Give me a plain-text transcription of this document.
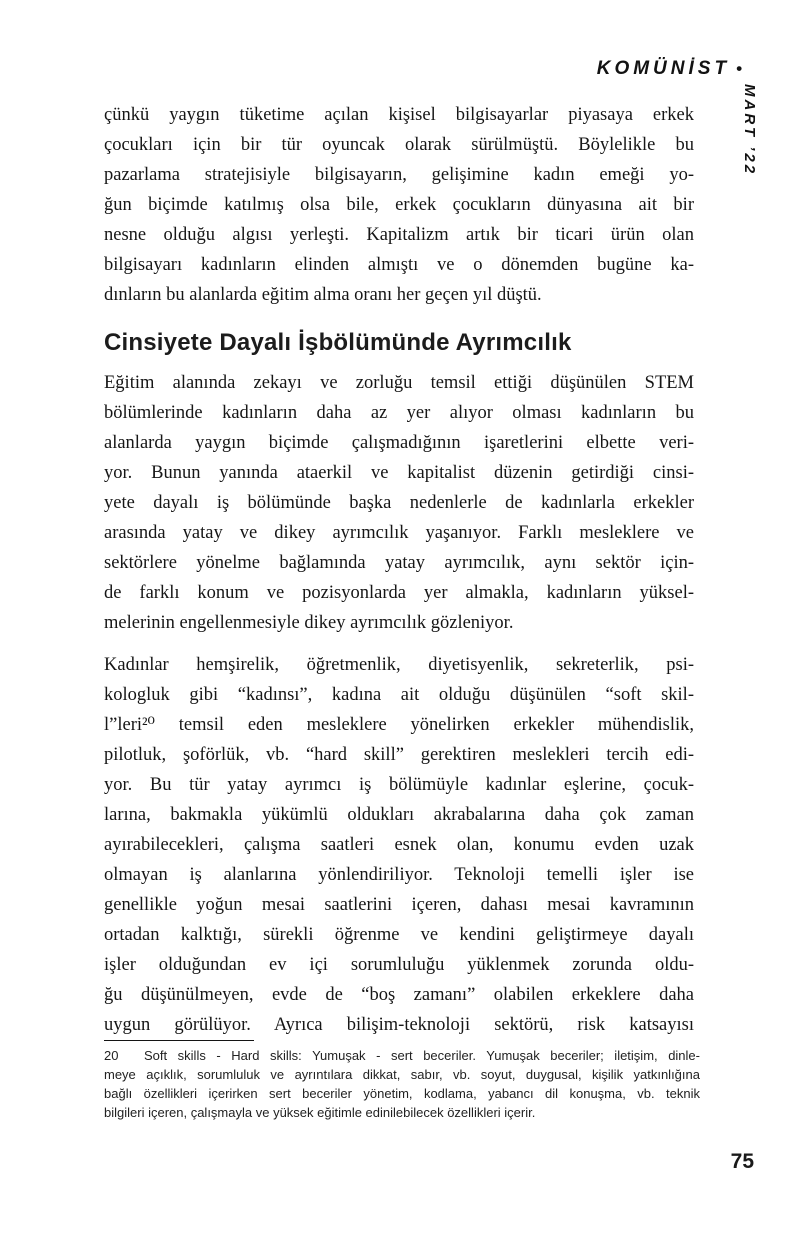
KOMÜNİST •
MART ’22
çünkü yaygın tüketime açılan kişisel bilgisayarlar piyasaya erkek
çocukları için bir tür oyuncak olarak sürülmüştü. Böylelikle bu
pazarlama stratejisiyle bilgisayarın, gelişimine kadın emeği yo-
ğun biçimde katılmış olsa bile, erkek çocukların dünyasına ait bir
nesne olduğu algısı yerleşti. Kapitalizm artık bir ticari ürün olan
bilgisayarı kadınların elinden almıştı ve o dönemden bugüne ka-
dınların bu alanlarda eğitim alma oranı her geçen yıl düştü.
Cinsiyete Dayalı İşbölümünde Ayrımcılık
Eğitim alanında zekayı ve zorluğu temsil ettiği düşünülen STEM
bölümlerinde kadınların daha az yer alıyor olması kadınların bu
alanlarda yaygın biçimde çalışmadığının işaretlerini elbette veri-
yor. Bunun yanında ataerkil ve kapitalist düzenin getirdiği cinsi-
yete dayalı iş bölümünde başka nedenlerle de kadınlarla erkekler
arasında yatay ve dikey ayrımcılık yaşanıyor. Farklı mesleklere ve
sektörlere yönelme bağlamında yatay ayrımcılık, aynı sektör için-
de farklı konum ve pozisyonlarda yer almakla, kadınların yüksel-
melerinin engellenmesiyle dikey ayrımcılık gözleniyor.
Kadınlar hemşirelik, öğretmenlik, diyetisyenlik, sekreterlik, psi-
kologluk gibi “kadınsı”, kadına ait olduğu düşünülen “soft skil-
l”leri²⁰ temsil eden mesleklere yönelirken erkekler mühendislik,
pilotluk, şoförlük, vb. “hard skill” gerektiren meslekleri tercih edi-
yor. Bu tür yatay ayrımcı iş bölümüyle kadınlar eşlerine, çocuk-
larına, bakmakla yükümlü oldukları akrabalarına daha çok zaman
ayırabilecekleri, çalışma saatleri esnek olan, konumu evden uzak
olmayan iş alanlarına yönlendiriliyor. Teknoloji temelli işler ise
genellikle yoğun mesai saatlerini içeren, dahası mesai kavramının
ortadan kalktığı, sürekli öğrenme ve kendini geliştirmeye dayalı
işler olduğundan ev içi sorumluluğu yüklenmek zorunda oldu-
ğu düşünülmeyen, evde de “boş zamanı” olabilen erkeklere daha
uygun görülüyor. Ayrıca bilişim-teknoloji sektörü, risk katsayısı
20 Soft skills - Hard skills: Yumuşak - sert beceriler. Yumuşak beceriler; iletişim, dinle-
meye açıklık, sorumluluk ve ayrıntılara dikkat, sabır, vb. soyut, duygusal, kişilik yatkınlığına
bağlı özellikleri içerirken sert beceriler yönetim, kodlama, yabancı dil konuşma, vb. teknik
bilgileri içeren, çalışmayla ve yüksek eğitimle edinilebilecek özellikleri içerir.
75
